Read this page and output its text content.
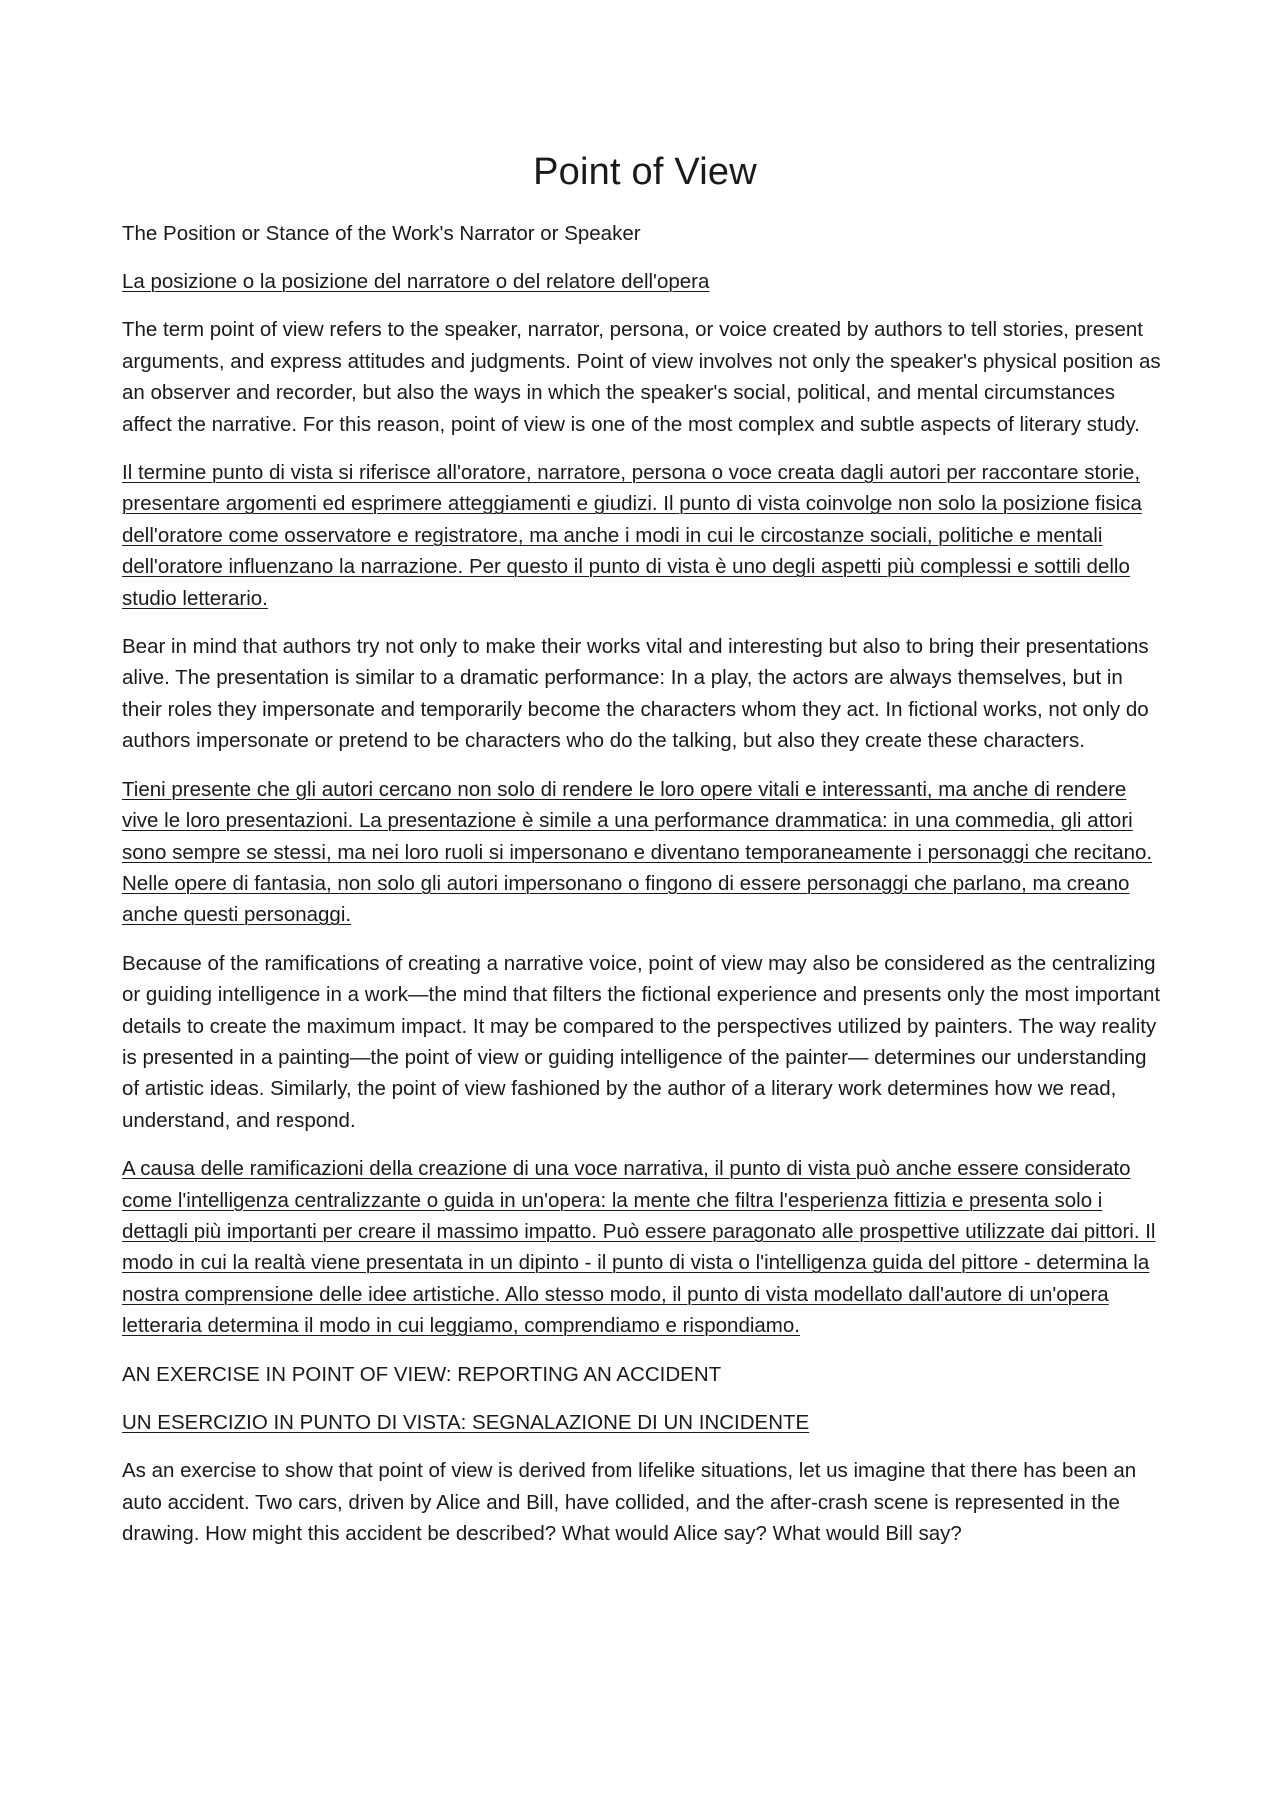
Point of View

The Position or Stance of the Work's Narrator or Speaker

La posizione o la posizione del narratore o del relatore dell'opera

The term point of view refers to the speaker, narrator, persona, or voice created by authors to tell stories, present arguments, and express attitudes and judgments. Point of view involves not only the speaker's physical position as an observer and recorder, but also the ways in which the speaker's social, political, and mental circumstances affect the narrative. For this reason, point of view is one of the most complex and subtle aspects of literary study.

Il termine punto di vista si riferisce all'oratore, narratore, persona o voce creata dagli autori per raccontare storie, presentare argomenti ed esprimere atteggiamenti e giudizi. Il punto di vista coinvolge non solo la posizione fisica dell'oratore come osservatore e registratore, ma anche i modi in cui le circostanze sociali, politiche e mentali dell'oratore influenzano la narrazione. Per questo il punto di vista è uno degli aspetti più complessi e sottili dello studio letterario.

Bear in mind that authors try not only to make their works vital and interesting but also to bring their presentations alive. The presentation is similar to a dramatic performance: In a play, the actors are always themselves, but in their roles they impersonate and temporarily become the characters whom they act. In fictional works, not only do authors impersonate or pretend to be characters who do the talking, but also they create these characters.

Tieni presente che gli autori cercano non solo di rendere le loro opere vitali e interessanti, ma anche di rendere vive le loro presentazioni. La presentazione è simile a una performance drammatica: in una commedia, gli attori sono sempre se stessi, ma nei loro ruoli si impersonano e diventano temporaneamente i personaggi che recitano. Nelle opere di fantasia, non solo gli autori impersonano o fingono di essere personaggi che parlano, ma creano anche questi personaggi.

Because of the ramifications of creating a narrative voice, point of view may also be considered as the centralizing or guiding intelligence in a work—the mind that filters the fictional experience and presents only the most important details to create the maximum impact. It may be compared to the perspectives utilized by painters. The way reality is presented in a painting—the point of view or guiding intelligence of the painter— determines our understanding of artistic ideas. Similarly, the point of view fashioned by the author of a literary work determines how we read, understand, and respond.

A causa delle ramificazioni della creazione di una voce narrativa, il punto di vista può anche essere considerato come l'intelligenza centralizzante o guida in un'opera: la mente che filtra l'esperienza fittizia e presenta solo i dettagli più importanti per creare il massimo impatto. Può essere paragonato alle prospettive utilizzate dai pittori. Il modo in cui la realtà viene presentata in un dipinto - il punto di vista o l'intelligenza guida del pittore - determina la nostra comprensione delle idee artistiche. Allo stesso modo, il punto di vista modellato dall'autore di un'opera letteraria determina il modo in cui leggiamo, comprendiamo e rispondiamo.

AN EXERCISE IN POINT OF VIEW: REPORTING AN ACCIDENT

UN ESERCIZIO IN PUNTO DI VISTA: SEGNALAZIONE DI UN INCIDENTE

As an exercise to show that point of view is derived from lifelike situations, let us imagine that there has been an auto accident. Two cars, driven by Alice and Bill, have collided, and the after-crash scene is represented in the drawing. How might this accident be described? What would Alice say? What would Bill say?
